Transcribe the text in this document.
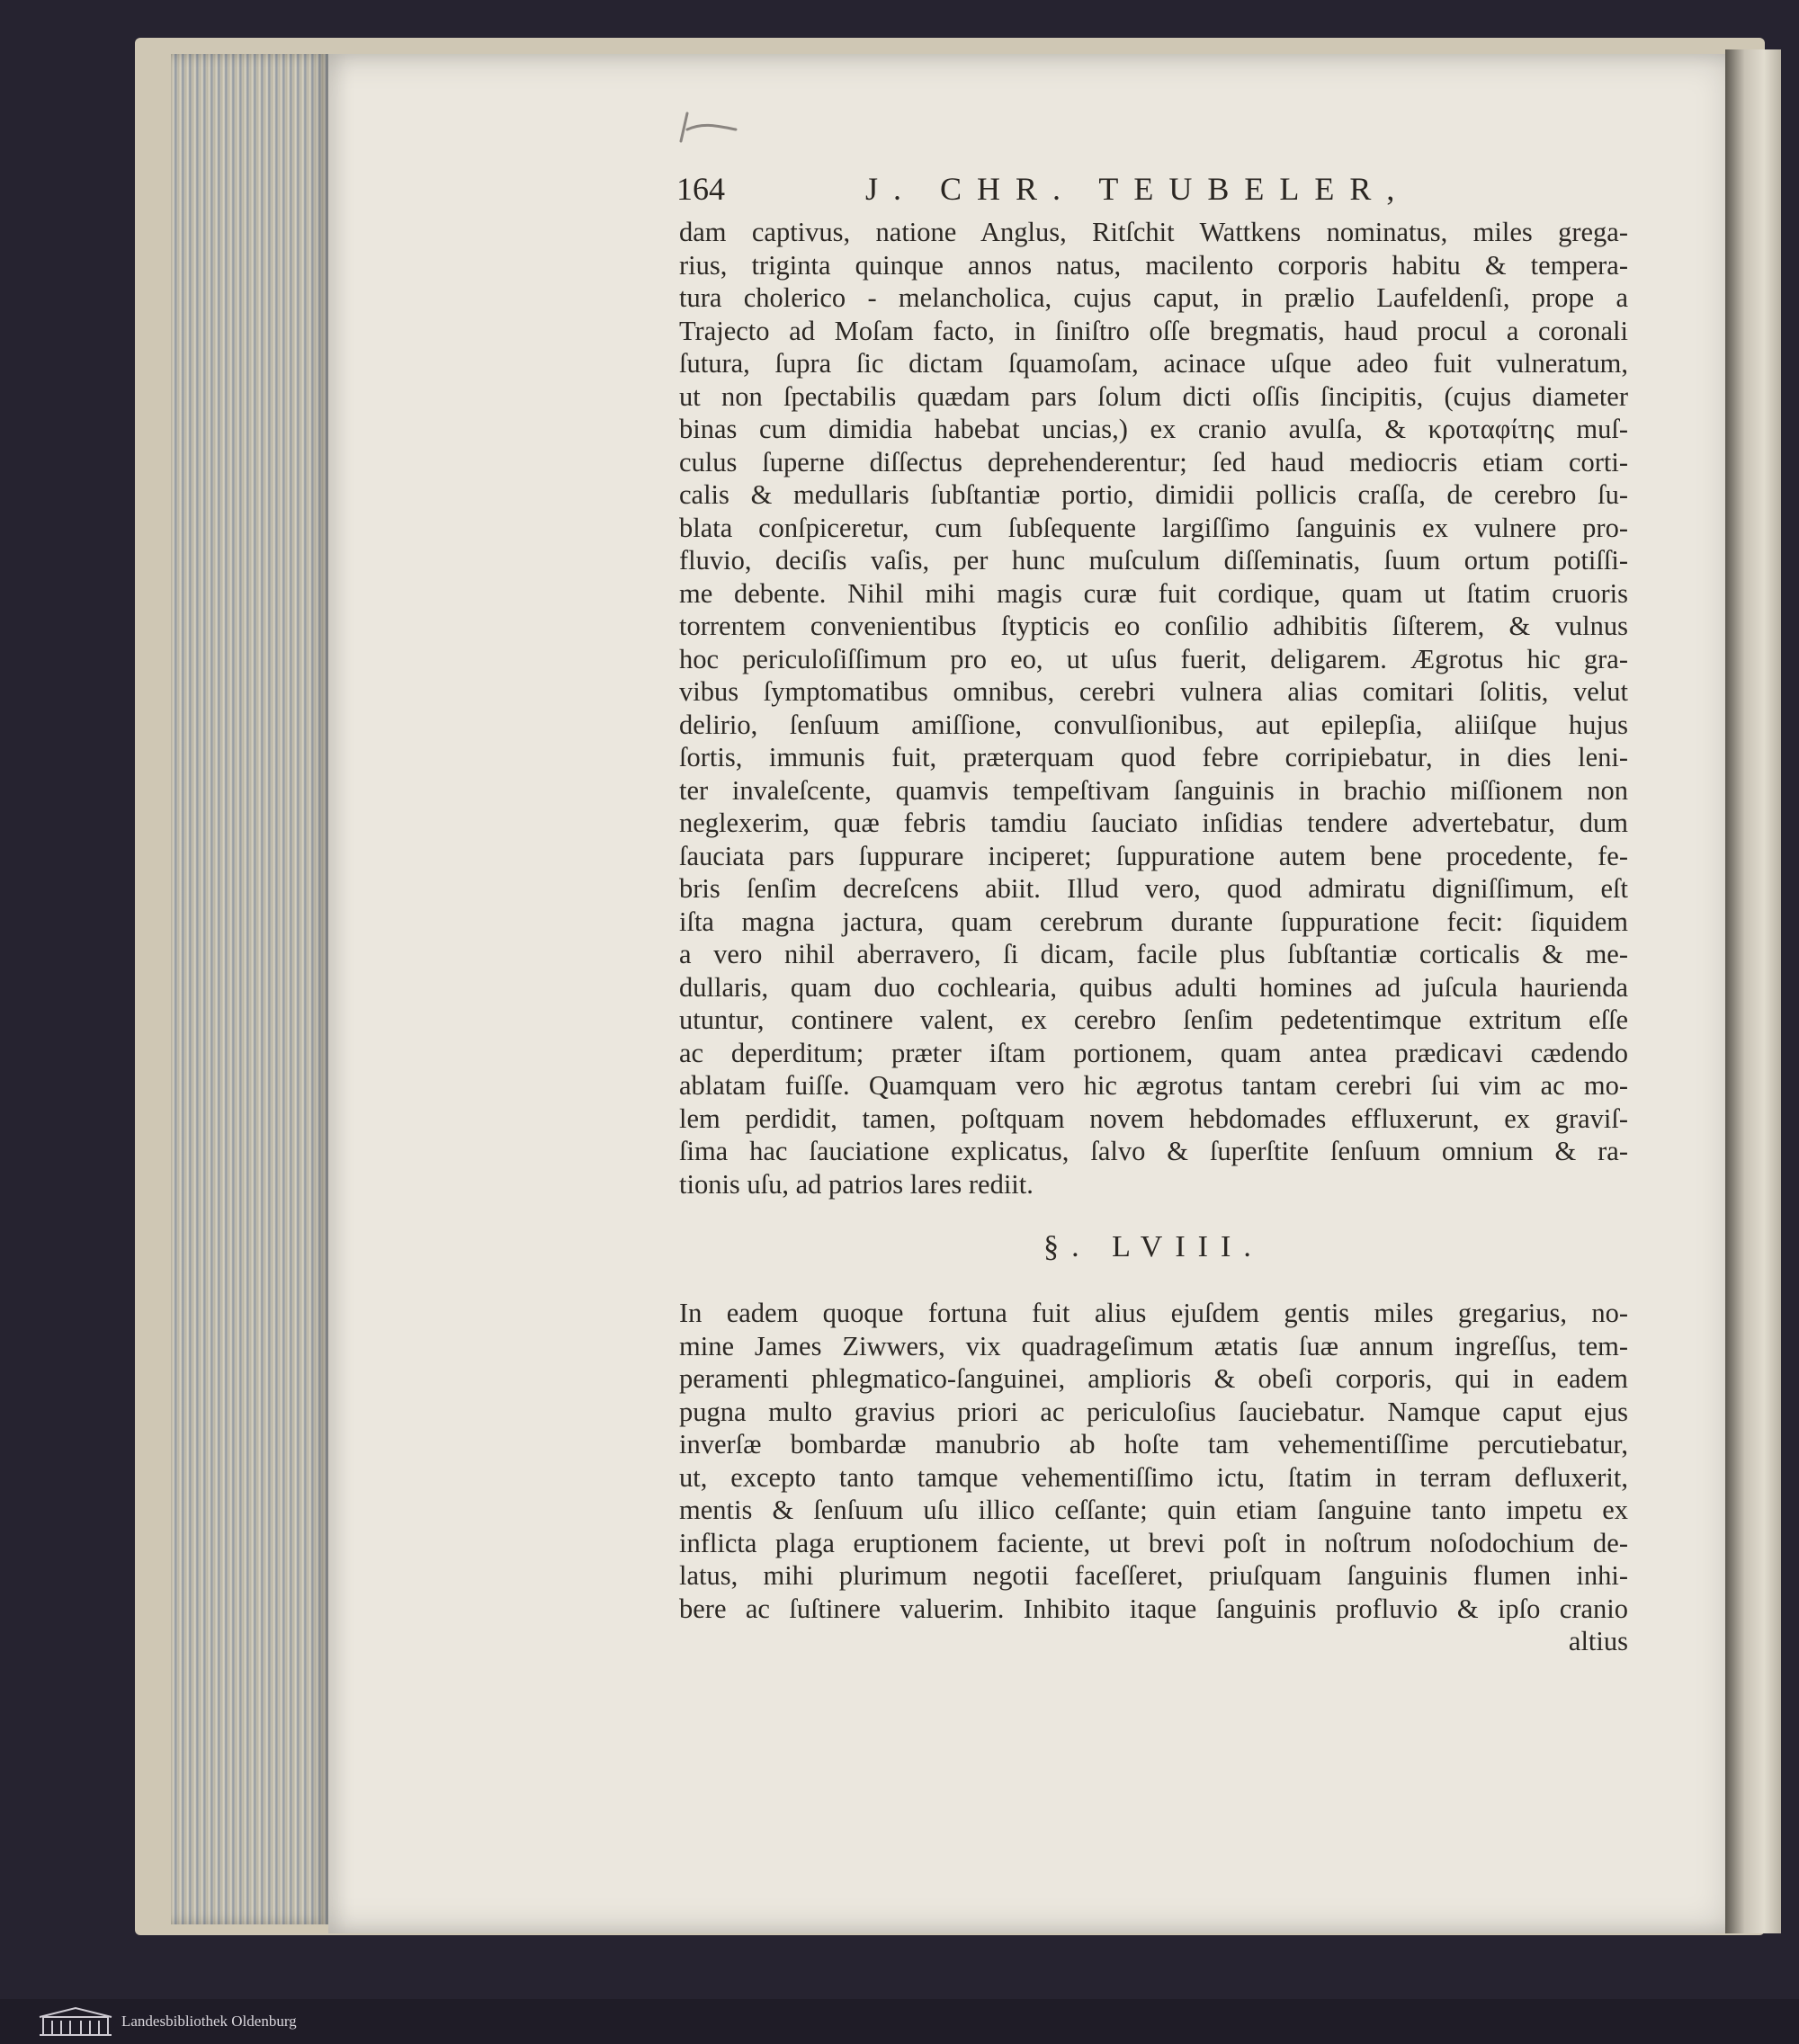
164	J. CHR. TEUBELER,
dam captivus, natione Anglus, Ritſchit Wattkens nominatus, miles grega-
rius, triginta quinque annos natus, macilento corporis habitu & tempera-
tura cholerico - melancholica, cujus caput, in prælio Laufeldenſi, prope a
Trajecto ad Moſam facto, in ſiniſtro oſſe bregmatis, haud procul a coronali
ſutura, ſupra ſic dictam ſquamoſam, acinace uſque adeo fuit vulneratum,
ut non ſpectabilis quædam pars ſolum dicti oſſis ſincipitis, (cujus diameter
binas cum dimidia habebat uncias,) ex cranio avulſa, & κροταφίτης muſ-
culus ſuperne diſſectus deprehenderentur; ſed haud mediocris etiam corti-
calis & medullaris ſubſtantiæ portio, dimidii pollicis craſſa, de cerebro ſu-
blata conſpiceretur, cum ſubſequente largiſſimo ſanguinis ex vulnere pro-
fluvio, deciſis vaſis, per hunc muſculum diſſeminatis, ſuum ortum potiſſi-
me debente. Nihil mihi magis curæ fuit cordique, quam ut ſtatim cruoris
torrentem convenientibus ſtypticis eo conſilio adhibitis ſiſterem, & vulnus
hoc periculoſiſſimum pro eo, ut uſus fuerit, deligarem. Ægrotus hic gra-
vibus ſymptomatibus omnibus, cerebri vulnera alias comitari ſolitis, velut
delirio, ſenſuum amiſſione, convulſionibus, aut epilepſia, aliiſque hujus
ſortis, immunis fuit, præterquam quod febre corripiebatur, in dies leni-
ter invaleſcente, quamvis tempeſtivam ſanguinis in brachio miſſionem non
neglexerim, quæ febris tamdiu ſauciato inſidias tendere advertebatur, dum
ſauciata pars ſuppurare inciperet; ſuppuratione autem bene procedente, fe-
bris ſenſim decreſcens abiit. Illud vero, quod admiratu digniſſimum, eſt
iſta magna jactura, quam cerebrum durante ſuppuratione fecit: ſiquidem
a vero nihil aberravero, ſi dicam, facile plus ſubſtantiæ corticalis & me-
dullaris, quam duo cochlearia, quibus adulti homines ad juſcula haurienda
utuntur, continere valent, ex cerebro ſenſim pedetentimque extritum eſſe
ac deperditum; præter iſtam portionem, quam antea prædicavi cædendo
ablatam fuiſſe. Quamquam vero hic ægrotus tantam cerebri ſui vim ac mo-
lem perdidit, tamen, poſtquam novem hebdomades effluxerunt, ex graviſ-
ſima hac ſauciatione explicatus, ſalvo & ſuperſtite ſenſuum omnium & ra-
tionis uſu, ad patrios lares rediit.
§. LVIII.
In eadem quoque fortuna fuit alius ejuſdem gentis miles gregarius, no-
mine James Ziwwers, vix quadrageſimum ætatis ſuæ annum ingreſſus, tem-
peramenti phlegmatico-ſanguinei, amplioris & obeſi corporis, qui in eadem
pugna multo gravius priori ac periculoſius ſauciebatur. Namque caput ejus
inverſæ bombardæ manubrio ab hoſte tam vehementiſſime percutiebatur,
ut, excepto tanto tamque vehementiſſimo ictu, ſtatim in terram defluxerit,
mentis & ſenſuum uſu illico ceſſante; quin etiam ſanguine tanto impetu ex
inflicta plaga eruptionem faciente, ut brevi poſt in noſtrum noſodochium de-
latus, mihi plurimum negotii faceſſeret, priuſquam ſanguinis flumen inhi-
bere ac ſuſtinere valuerim. Inhibito itaque ſanguinis profluvio & ipſo cranio
altius
Landesbibliothek Oldenburg
